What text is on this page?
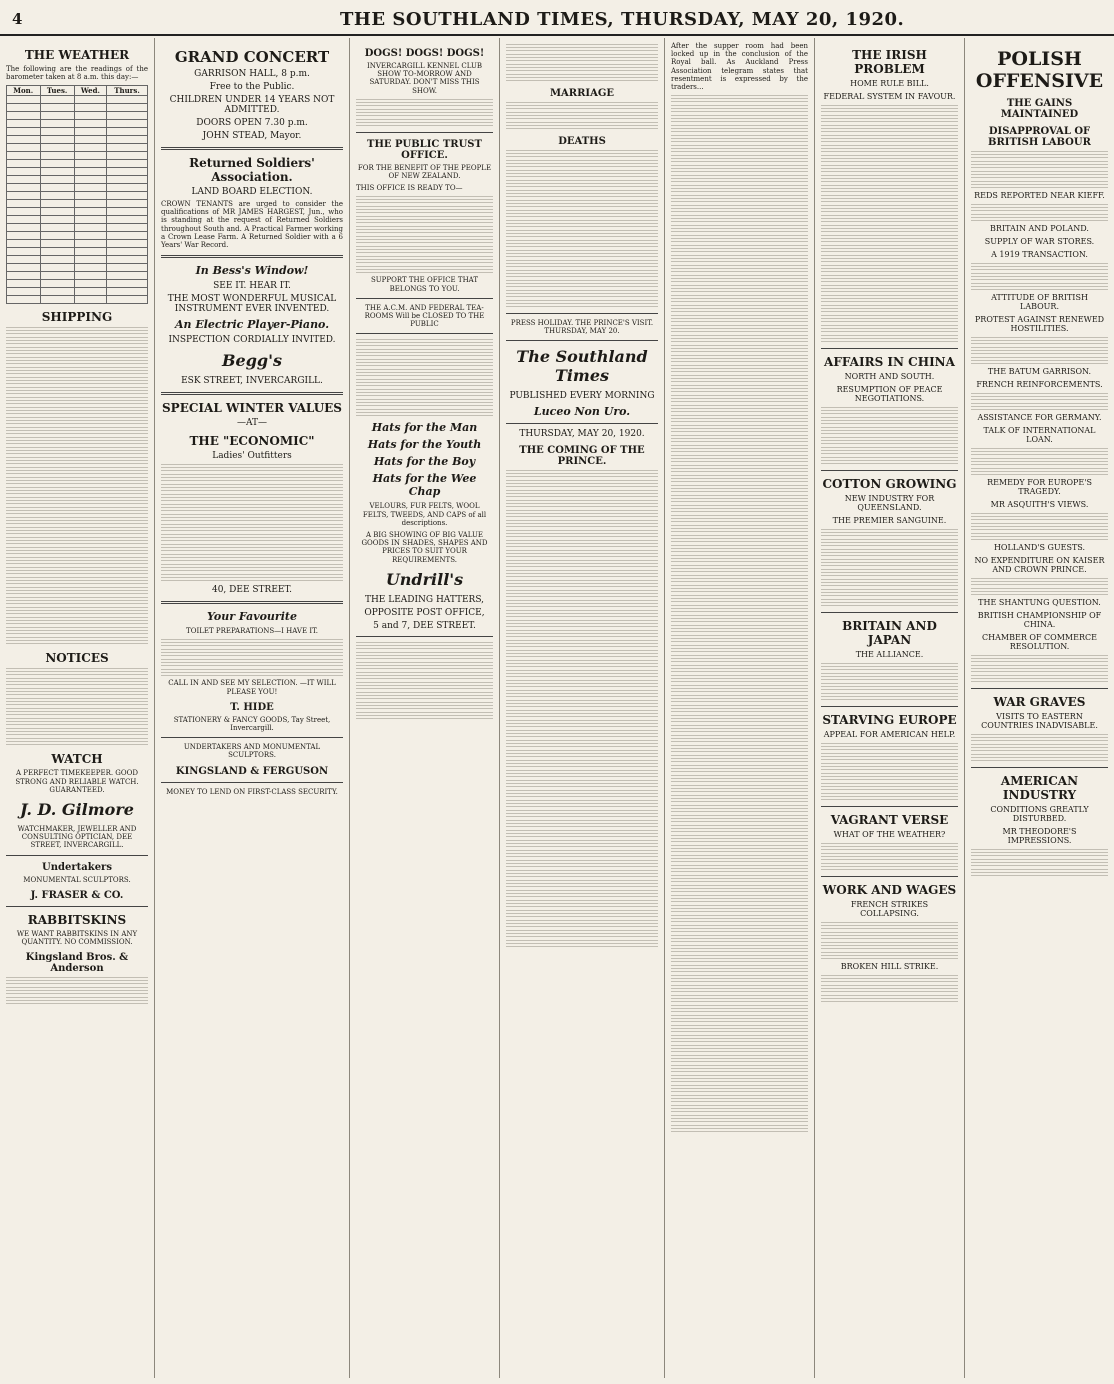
4	THE SOUTHLAND TIMES, THURSDAY, MAY 20, 1920.
THE WEATHER
The following are the readings of the barometer taken at 8 a.m. this day:—
Mon.	Tues.	Wed.	Thurs.

SHIPPING
NOTICES
WATCH
A PERFECT TIMEKEEPER. GOOD STRONG AND RELIABLE WATCH. GUARANTEED.
J. D. Gilmore
WATCHMAKER, JEWELLER AND CONSULTING OPTICIAN, DEE STREET, INVERCARGILL.
Undertakers
MONUMENTAL SCULPTORS.
J. FRASER & CO.
RABBITSKINS
WE WANT RABBITSKINS IN ANY QUANTITY. NO COMMISSION.
Kingsland Bros. & Anderson
GRAND CONCERT
GARRISON HALL, 8 p.m.
Free to the Public.
CHILDREN UNDER 14 YEARS NOT ADMITTED.
DOORS OPEN 7.30 p.m.
JOHN STEAD, Mayor.
Returned Soldiers' Association.
LAND BOARD ELECTION.
CROWN TENANTS are urged to consider the qualifications of MR JAMES HARGEST, Jun., who is standing at the request of Returned Soldiers throughout South and. A Practical Farmer working a Crown Lease Farm. A Returned Soldier with a 6 Years' War Record.
In Bess's Window!
SEE IT. HEAR IT.
THE MOST WONDERFUL MUSICAL INSTRUMENT EVER INVENTED.
An Electric Player-Piano.
INSPECTION CORDIALLY INVITED.
Begg's
ESK STREET, INVERCARGILL.
SPECIAL WINTER VALUES
—AT—
THE "ECONOMIC"
Ladies' Outfitters
40, DEE STREET.
Your Favourite
TOILET PREPARATIONS—I HAVE IT.
CALL IN AND SEE MY SELECTION. —IT WILL PLEASE YOU!
T. HIDE
STATIONERY & FANCY GOODS, Tay Street, Invercargill.
UNDERTAKERS AND MONUMENTAL SCULPTORS.
KINGSLAND & FERGUSON
MONEY TO LEND ON FIRST-CLASS SECURITY.
DOGS! DOGS! DOGS!
INVERCARGILL KENNEL CLUB SHOW TO-MORROW AND SATURDAY. DON'T MISS THIS SHOW.
THE PUBLIC TRUST OFFICE.
FOR THE BENEFIT OF THE PEOPLE OF NEW ZEALAND.
THIS OFFICE IS READY TO—
SUPPORT THE OFFICE THAT BELONGS TO YOU.
THE A.C.M. AND FEDERAL TEA-ROOMS Will be CLOSED TO THE PUBLIC
Hats for the Man
Hats for the Youth
Hats for the Boy
Hats for the Wee Chap
VELOURS, FUR FELTS, WOOL FELTS, TWEEDS, AND CAPS of all descriptions.
A BIG SHOWING OF BIG VALUE GOODS IN SHADES, SHAPES AND PRICES TO SUIT YOUR REQUIREMENTS.
Undrill's
THE LEADING HATTERS,
OPPOSITE POST OFFICE,
5 and 7, DEE STREET.
MARRIAGE
DEATHS
PRESS HOLIDAY. THE PRINCE'S VISIT. THURSDAY, MAY 20.
The Southland Times
PUBLISHED EVERY MORNING
Luceo Non Uro.
THURSDAY, MAY 20, 1920.
THE COMING OF THE PRINCE.
After the supper room had been locked up in the conclusion of the Royal ball. As Auckland Press Association telegram states that resentment is expressed by the traders...
THE IRISH PROBLEM
HOME RULE BILL.
FEDERAL SYSTEM IN FAVOUR.
AFFAIRS IN CHINA
NORTH AND SOUTH.
RESUMPTION OF PEACE NEGOTIATIONS.
COTTON GROWING
NEW INDUSTRY FOR QUEENSLAND.
THE PREMIER SANGUINE.
BRITAIN AND JAPAN
THE ALLIANCE.
STARVING EUROPE
APPEAL FOR AMERICAN HELP.
VAGRANT VERSE
WHAT OF THE WEATHER?
WORK AND WAGES
FRENCH STRIKES COLLAPSING.
BROKEN HILL STRIKE.
POLISH OFFENSIVE
THE GAINS MAINTAINED
DISAPPROVAL OF BRITISH LABOUR
REDS REPORTED NEAR KIEFF.
BRITAIN AND POLAND.
SUPPLY OF WAR STORES.
A 1919 TRANSACTION.
ATTITUDE OF BRITISH LABOUR.
PROTEST AGAINST RENEWED HOSTILITIES.
THE BATUM GARRISON.
FRENCH REINFORCEMENTS.
ASSISTANCE FOR GERMANY.
TALK OF INTERNATIONAL LOAN.
REMEDY FOR EUROPE'S TRAGEDY.
MR ASQUITH'S VIEWS.
HOLLAND'S GUESTS.
NO EXPENDITURE ON KAISER AND CROWN PRINCE.
THE SHANTUNG QUESTION.
BRITISH CHAMPIONSHIP OF CHINA.
CHAMBER OF COMMERCE RESOLUTION.
WAR GRAVES
VISITS TO EASTERN COUNTRIES INADVISABLE.
AMERICAN INDUSTRY
CONDITIONS GREATLY DISTURBED.
MR THEODORE'S IMPRESSIONS.
